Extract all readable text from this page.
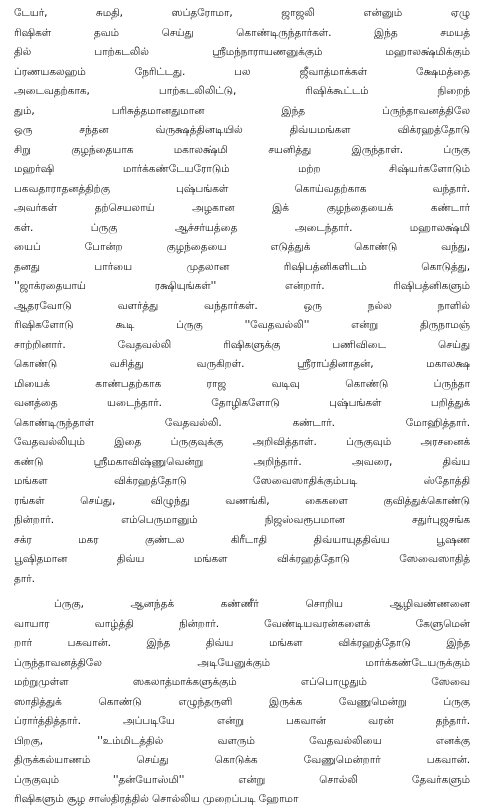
டேயர், சுமதி, ஸப்தரோமா, ஜாஜலி என்னும் ஏழு
ரிஷிகள் தவம் செய்து கொண்டிருந்தார்கள். இந்த சமயத்
தில் பாற்கடலில் ஸ்ரீமந்நாராயணனுக்கும் மஹாலக்ஷ்மிக்கும்
ப்ரணயகலஹம் நேரிட்டது. பல ஜீவாத்மாக்கள் க்ஷேமத்தை
அடைவதற்காக, பாற்கடலிலிட்டு, ரிஷிக்கூட்டம் நிறைந்
தும், பரிசுத்தமானதுமான இந்த ப்ருந்தாவனத்திலே
ஒரு சந்தன வ்ருக்ஷத்தினடியில் திவ்யமங்கள விக்ரஹத்தோடு
சிறு குழந்தையாக மகாலக்ஷ்மி சயனித்து இருந்தாள். ப்ருகு
மஹர்ஷி மார்க்கண்டேயரோடும் மற்ற சிஷ்யர்களோடும்
பகவதாராதனத்திற்கு புஷ்பங்கள் கொய்வதற்காக வந்தார்.
அவர்கள் தற்செயலாய் அழகான இக் குழந்தையைக் கண்டார்
கள். ப்ருகு ஆச்சர்யத்தை அடைந்தார். மஹாலக்ஷ்மி
யைப் போன்ற குழந்தையை எடுத்துக் கொண்டு வந்து,
தனது பார்யை முதலான ரிஷிபத்னிகளிடம் கொடுத்து,
''ஜாக்ரதையாய் ரக்ஷியுங்கள்'' என்றார். ரிஷிபத்னிகளும்
ஆதரவோடு வளர்த்து வந்தார்கள். ஒரு நல்ல நாளில்
ரிஷிகளோடு கூடி ப்ருகு ''வேதவல்லி'' என்று திருநாமஞ்
சாற்றினார். வேதவல்லி ரிஷிகளுக்கு பணிவிடை செய்து
கொண்டு வசித்து வருகிறள். ஶ்ரீராப்தினாதன், மகாலக்ஷ
மியைக் காண்பதற்காக ராஜ வடிவு கொண்டு ப்ருந்தா
வனத்தை யடைந்தார். தோழிகளோடு புஷ்பங்கள் பறித்துக்
கொண்டிருந்தாள் வேதவல்லி. கண்டார். மோஹித்தார்.
வேதவல்லியும் இதை ப்ருகுவுக்கு அறிவித்தாள். ப்ருகுவும் அரசனைக்
கண்டு ஸ்ரீமகாவிஷ்ணுவென்று அறிந்தார். அவரை, திவ்ய
மங்கள விக்ரஹத்தோடு ஸேவைஸாதிக்கும்படி ஸ்தோத்தி
ரங்கள் செய்து, விழுந்து வணங்கி, கைகளை குவித்துக்கொண்டு
நின்றார். எம்பெருமானும் நிஜஸ்வரூபமான சதுர்புஜசங்க
சக்ர மகர குண்டல கிரீடாதி திவ்யாயுததிவ்ய பூஷண
பூஷிதமான திவ்ய மங்கள விக்ரஹத்தோடு ஸேவைஸாதித்
தார்.
ப்ருகு, ஆனந்தக் கண்ணீர் சொறிய ஆழிவண்ணனை
வாயார வாழ்த்தி நின்றார். வேண்டியவரன்களைக் கேளுமென்
றார் பகவான். இந்த திவ்ய மங்கள விக்ரஹத்தோடு இந்த
ப்ருந்தாவனத்திலே அடியேனுக்கும் மார்க்கண்டேயருக்கும்
மற்றுமுள்ள ஸகலாத்மாக்களுக்கும் எப்பொழுதும் ஸேவை
ஸாதித்துக் கொண்டு எழுந்தருளி இருக்க வேணுமென்று ப்ருகு
ப்ரார்த்தித்தார். அப்படியே என்று பகவான் வரன் தந்தார்.
பிறகு, ''உம்மிடத்தில் வளரும் வேதவல்லியை எனக்கு
திருக்கல்யாணம் செய்து கொடுக்க வேணுமென்றார் பகவான்.
ப்ருகுவும் ''தன்யோஸ்மி'' என்று சொல்லி தேவர்களும்
ரிஷிகளும் சூழ சாஸ்திரத்தில் சொல்லிய முறைப்படி ஹோமா
